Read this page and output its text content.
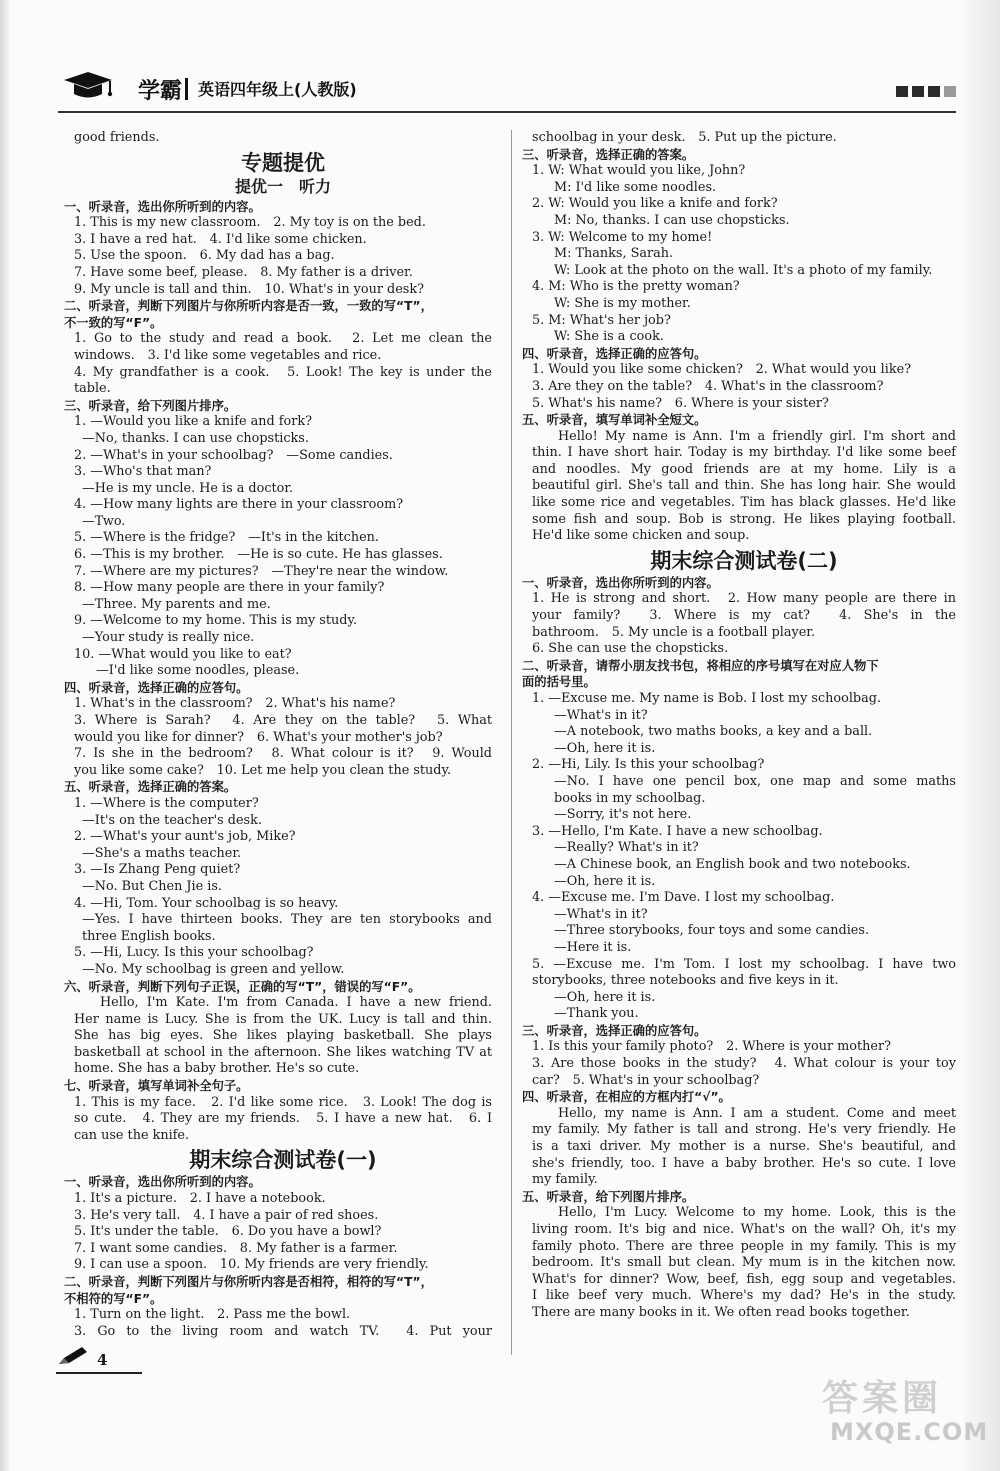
学霸 英语四年级上(人教版)
good friends.
专题提优
提优一　听力
一、听录音，选出你所听到的内容。
1. This is my new classroom.　2. My toy is on the bed.
3. I have a red hat.　4. I'd like some chicken.
5. Use the spoon.　6. My dad has a bag.
7. Have some beef, please.　8. My father is a driver.
9. My uncle is tall and thin.　10. What's in your desk?
二、听录音，判断下列图片与你所听内容是否一致，一致的写“T”，
不一致的写“F”。
1. Go to the study and read a book.　2. Let me clean the
windows.　3. I'd like some vegetables and rice.
4. My grandfather is a cook.　5. Look! The key is under the
table.
三、听录音，给下列图片排序。
1. —Would you like a knife and fork?
—No, thanks. I can use chopsticks.
2. —What's in your schoolbag?　—Some candies.
3. —Who's that man?
—He is my uncle. He is a doctor.
4. —How many lights are there in your classroom?
—Two.
5. —Where is the fridge?　—It's in the kitchen.
6. —This is my brother.　—He is so cute. He has glasses.
7. —Where are my pictures?　—They're near the window.
8. —How many people are there in your family?
—Three. My parents and me.
9. —Welcome to my home. This is my study.
—Your study is really nice.
10. —What would you like to eat?
—I'd like some noodles, please.
四、听录音，选择正确的应答句。
1. What's in the classroom?　2. What's his name?
3. Where is Sarah?　4. Are they on the table?　5. What
would you like for dinner?　6. What's your mother's job?
7. Is she in the bedroom?　8. What colour is it?　9. Would
you like some cake?　10. Let me help you clean the study.
五、听录音，选择正确的答案。
1. —Where is the computer?
—It's on the teacher's desk.
2. —What's your aunt's job, Mike?
—She's a maths teacher.
3. —Is Zhang Peng quiet?
—No. But Chen Jie is.
4. —Hi, Tom. Your schoolbag is so heavy.
—Yes. I have thirteen books. They are ten storybooks and
three English books.
5. —Hi, Lucy. Is this your schoolbag?
—No. My schoolbag is green and yellow.
六、听录音，判断下列句子正误，正确的写“T”，错误的写“F”。
Hello, I'm Kate. I'm from Canada. I have a new friend.
Her name is Lucy. She is from the UK. Lucy is tall and thin.
She has big eyes. She likes playing basketball. She plays
basketball at school in the afternoon. She likes watching TV at
home. She has a baby brother. He's so cute.
七、听录音，填写单词补全句子。
1. This is my face.　2. I'd like some rice.　3. Look! The dog is
so cute.　4. They are my friends.　5. I have a new hat.　6. I
can use the knife.
期末综合测试卷(一)
一、听录音，选出你所听到的内容。
1. It's a picture.　2. I have a notebook.
3. He's very tall.　4. I have a pair of red shoes.
5. It's under the table.　6. Do you have a bowl?
7. I want some candies.　8. My father is a farmer.
9. I can use a spoon.　10. My friends are very friendly.
二、听录音，判断下列图片与你所听内容是否相符，相符的写“T”，
不相符的写“F”。
1. Turn on the light.　2. Pass me the bowl.
3. Go to the living room and watch TV.　4. Put your
schoolbag in your desk.　5. Put up the picture.
三、听录音，选择正确的答案。
1. W: What would you like, John?
M: I'd like some noodles.
2. W: Would you like a knife and fork?
M: No, thanks. I can use chopsticks.
3. W: Welcome to my home!
M: Thanks, Sarah.
W: Look at the photo on the wall. It's a photo of my family.
4. M: Who is the pretty woman?
W: She is my mother.
5. M: What's her job?
W: She is a cook.
四、听录音，选择正确的应答句。
1. Would you like some chicken?　2. What would you like?
3. Are they on the table?　4. What's in the classroom?
5. What's his name?　6. Where is your sister?
五、听录音，填写单词补全短文。
Hello! My name is Ann. I'm a friendly girl. I'm short and
thin. I have short hair. Today is my birthday. I'd like some beef
and noodles. My good friends are at my home. Lily is a
beautiful girl. She's tall and thin. She has long hair. She would
like some rice and vegetables. Tim has black glasses. He'd like
some fish and soup. Bob is strong. He likes playing football.
He'd like some chicken and soup.
期末综合测试卷(二)
一、听录音，选出你所听到的内容。
1. He is strong and short.　2. How many people are there in
your family?　3. Where is my cat?　4. She's in the
bathroom.　5. My uncle is a football player.
6. She can use the chopsticks.
二、听录音，请帮小朋友找书包，将相应的序号填写在对应人物下
面的括号里。
1. —Excuse me. My name is Bob. I lost my schoolbag.
—What's in it?
—A notebook, two maths books, a key and a ball.
—Oh, here it is.
2. —Hi, Lily. Is this your schoolbag?
—No. I have one pencil box, one map and some maths
books in my schoolbag.
—Sorry, it's not here.
3. —Hello, I'm Kate. I have a new schoolbag.
—Really? What's in it?
—A Chinese book, an English book and two notebooks.
—Oh, here it is.
4. —Excuse me. I'm Dave. I lost my schoolbag.
—What's in it?
—Three storybooks, four toys and some candies.
—Here it is.
5. —Excuse me. I'm Tom. I lost my schoolbag. I have two
storybooks, three notebooks and five keys in it.
—Oh, here it is.
—Thank you.
三、听录音，选择正确的应答句。
1. Is this your family photo?　2. Where is your mother?
3. Are those books in the study?　4. What colour is your toy
car?　5. What's in your schoolbag?
四、听录音，在相应的方框内打“√”。
Hello, my name is Ann. I am a student. Come and meet
my family. My father is tall and strong. He's very friendly. He
is a taxi driver. My mother is a nurse. She's beautiful, and
she's friendly, too. I have a baby brother. He's so cute. I love
my family.
五、听录音，给下列图片排序。
Hello, I'm Lucy. Welcome to my home. Look, this is the
living room. It's big and nice. What's on the wall? Oh, it's my
family photo. There are three people in my family. This is my
bedroom. It's small but clean. My mum is in the kitchen now.
What's for dinner? Wow, beef, fish, egg soup and vegetables.
I like beef very much. Where's my dad? He's in the study.
There are many books in it. We often read books together.
4
答案圈
MXQE.COM
